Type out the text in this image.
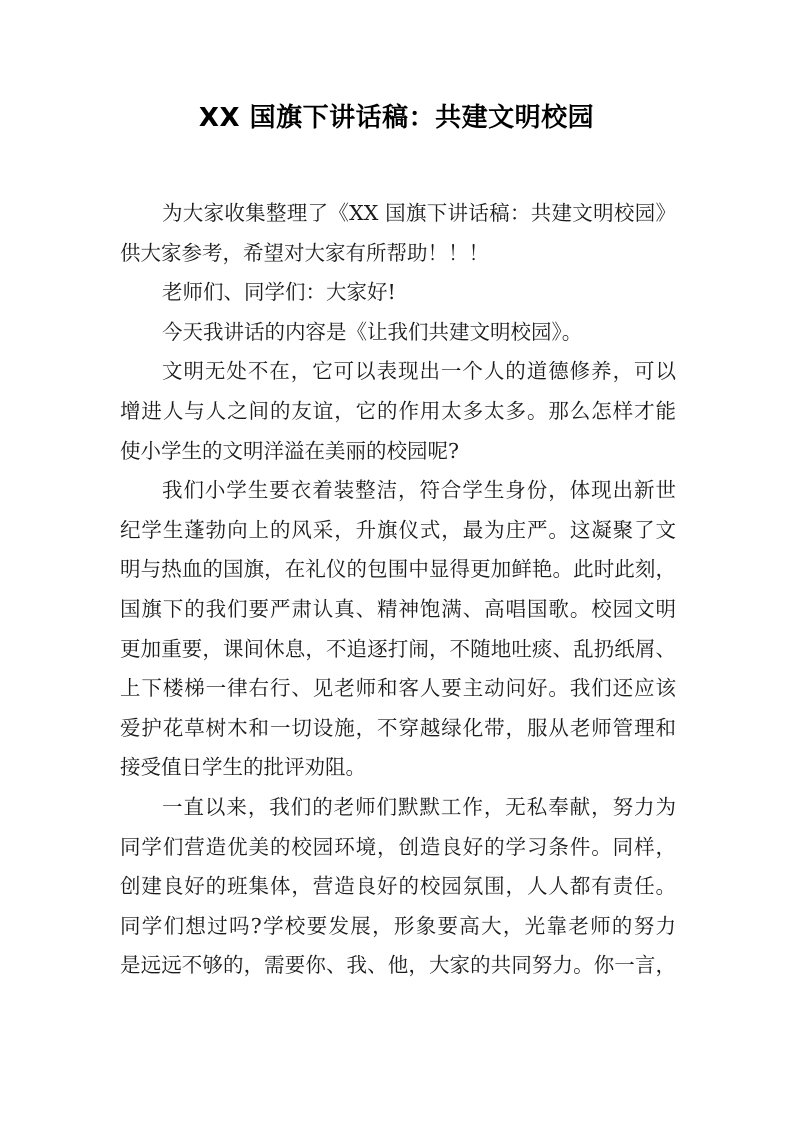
XX 国旗下讲话稿：共建文明校园
为大家收集整理了《XX 国旗下讲话稿：共建文明校园》
供大家参考，希望对大家有所帮助！！！
老师们、同学们：大家好!
今天我讲话的内容是《让我们共建文明校园》。
文明无处不在，它可以表现出一个人的道德修养，可以
增进人与人之间的友谊，它的作用太多太多。那么怎样才能
使小学生的文明洋溢在美丽的校园呢?
我们小学生要衣着装整洁，符合学生身份，体现出新世
纪学生蓬勃向上的风采，升旗仪式，最为庄严。这凝聚了文
明与热血的国旗，在礼仪的包围中显得更加鲜艳。此时此刻，
国旗下的我们要严肃认真、精神饱满、高唱国歌。校园文明
更加重要，课间休息，不追逐打闹，不随地吐痰、乱扔纸屑、
上下楼梯一律右行、见老师和客人要主动问好。我们还应该
爱护花草树木和一切设施，不穿越绿化带，服从老师管理和
接受值日学生的批评劝阻。
一直以来，我们的老师们默默工作，无私奉献，努力为
同学们营造优美的校园环境，创造良好的学习条件。同样，
创建良好的班集体，营造良好的校园氛围，人人都有责任。
同学们想过吗?学校要发展，形象要高大，光靠老师的努力
是远远不够的，需要你、我、他，大家的共同努力。你一言，
